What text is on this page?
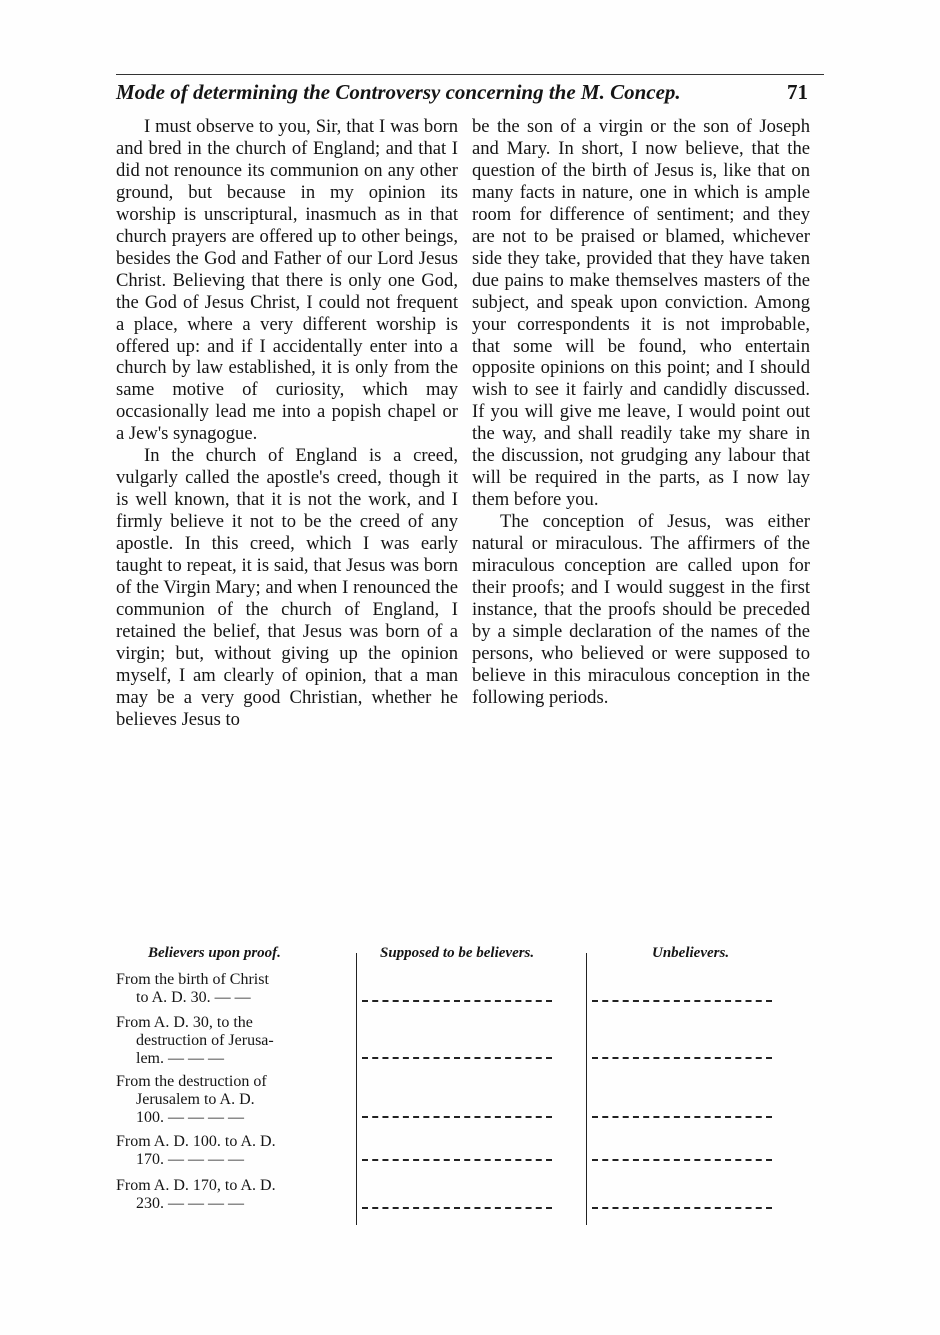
Mode of determining the Controversy concerning the M. Concep.	71

I must observe to you, Sir, that I was born and bred in the church of England; and that I did not renounce its communion on any other ground, but because in my opinion its worship is unscriptural, inasmuch as in that church prayers are offered up to other beings, besides the God and Father of our Lord Jesus Christ. Believing that there is only one God, the God of Jesus Christ, I could not frequent a place, where a very different worship is offered up: and if I accidentally enter into a church by law established, it is only from the same motive of curiosity, which may occasionally lead me into a popish chapel or a Jew's synagogue.

In the church of England is a creed, vulgarly called the apostle's creed, though it is well known, that it is not the work, and I firmly believe it not to be the creed of any apostle. In this creed, which I was early taught to repeat, it is said, that Jesus was born of the Virgin Mary; and when I renounced the communion of the church of England, I retained the belief, that Jesus was born of a virgin; but, without giving up the opinion myself, I am clearly of opinion, that a man may be a very good Christian, whether he believes Jesus to

be the son of a virgin or the son of Joseph and Mary. In short, I now believe, that the question of the birth of Jesus is, like that on many facts in nature, one in which is ample room for difference of sentiment; and they are not to be praised or blamed, whichever side they take, provided that they have taken due pains to make themselves masters of the subject, and speak upon conviction. Among your correspondents it is not improbable, that some will be found, who entertain opposite opinions on this point; and I should wish to see it fairly and candidly discussed. If you will give me leave, I would point out the way, and shall readily take my share in the discussion, not grudging any labour that will be required in the parts, as I now lay them before you.

The conception of Jesus, was either natural or miraculous. The affirmers of the miraculous conception are called upon for their proofs; and I would suggest in the first instance, that the proofs should be preceded by a simple declaration of the names of the persons, who believed or were supposed to believe in this miraculous conception in the following periods.

Believers upon proof.	Supposed to be believers.	Unbelievers.
From the birth of Christ
to A. D. 30. — —
From A. D. 30, to the
destruction of Jerusa-
lem. — — —
From the destruction of
Jerusalem to A. D.
100. — — — —
From A. D. 100. to A. D.
170. — — — —
From A. D. 170, to A. D.
230. — — — —
